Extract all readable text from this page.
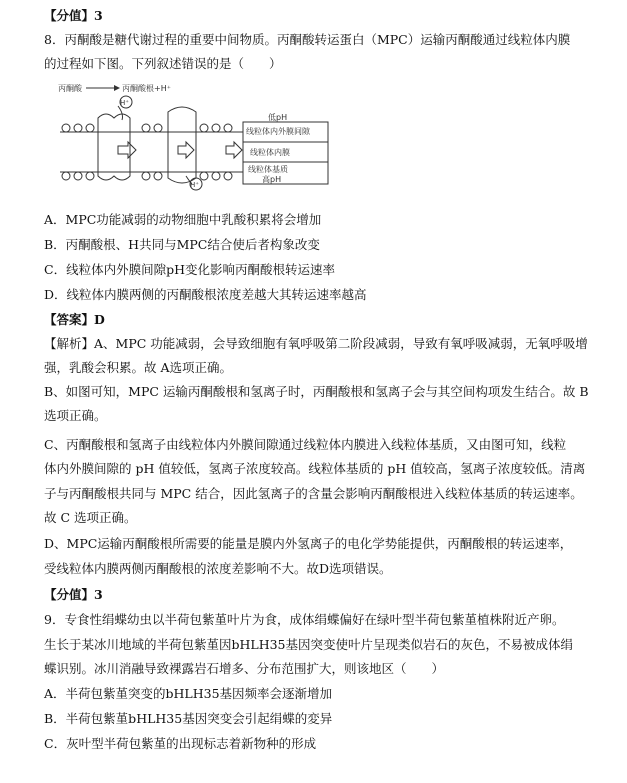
【分值】3
8．丙酮酸是糖代谢过程的重要中间物质。丙酮酸转运蛋白（MPC）运输丙酮酸通过线粒体内膜
的过程如下图。下列叙述错误的是（　　）
丙酮酸	丙酮酸根+H⁺
H⁺
低pH
线粒体内外膜间隙
线粒体内膜
线粒体基质
高pH
H⁺
A．MPC功能减弱的动物细胞中乳酸积累将会增加
B．丙酮酸根、H共同与MPC结合使后者构象改变
C．线粒体内外膜间隙pH变化影响丙酮酸根转运速率
D．线粒体内膜两侧的丙酮酸根浓度差越大其转运速率越高
【答案】D
【解析】A、MPC 功能减弱，会导致细胞有氧呼吸第二阶段减弱，导致有氧呼吸减弱，无氧呼吸增
强，乳酸会积累。故 A选项正确。
B、如图可知，MPC 运输丙酮酸根和氢离子时，丙酮酸根和氢离子会与其空间构项发生结合。故 B
选项正确。
C、丙酮酸根和氢离子由线粒体内外膜间隙通过线粒体内膜进入线粒体基质，又由图可知，线粒
体内外膜间隙的 pH 值较低，氢离子浓度较高。线粒体基质的 pH 值较高，氢离子浓度较低。清离
子与丙酮酸根共同与 MPC 结合，因此氢离子的含量会影响丙酮酸根进入线粒体基质的转运速率。
故 C 选项正确。
D、MPC运输丙酮酸根所需要的能量是膜内外氢离子的电化学势能提供，丙酮酸根的转运速率，
受线粒体内膜两侧丙酮酸根的浓度差影响不大。故D选项错误。
【分值】3
9．专食性绢蝶幼虫以半荷包紫堇叶片为食，成体绢蝶偏好在绿叶型半荷包紫堇植株附近产卵。
生长于某冰川地域的半荷包紫堇因bHLH35基因突变使叶片呈现类似岩石的灰色，不易被成体绢
蝶识别。冰川消融导致裸露岩石增多、分布范围扩大，则该地区（　　）
A．半荷包紫堇突变的bHLH35基因频率会逐渐增加
B．半荷包紫堇bHLH35基因突变会引起绢蝶的変异
C．灰叶型半荷包紫堇的出现标志着新物种的形成
